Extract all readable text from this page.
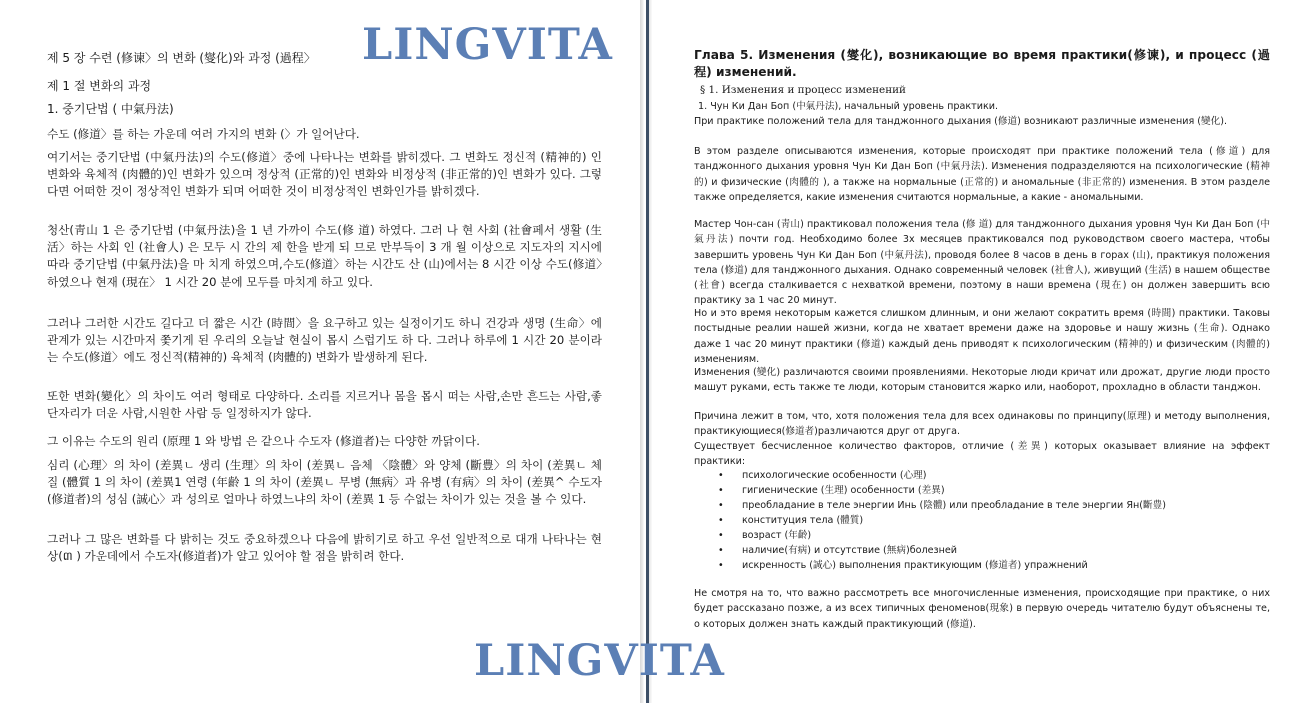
제 5 장 수련 (修谏〉의 변화 (燮化)와 과정 (過程〉
제 1 절 변화의 과정
1. 중기단법 ( 中氣丹法)
수도 (修道〉를 하는 가운데 여러 가지의 변화 (〉가 일어난다.
여기서는 중기단법 (中氣丹法)의 수도(修道〉중에 나타나는 변화를 밝히겠다. 그 변화도 정신적 (精神的) 인 변화와 육체적 (肉體的)인 변화가 있으며 정상적 (正常的)인 변화와 비정상적 (非正常的)인 변화가 있다. 그렇다면 어떠한 것이 정상적인 변화가 되며 어떠한 것이 비정상적인 변화인가를 밝히겠다.
청산(靑山 1 은 중기단법 (中氣丹法)을 1 년 가까이 수도(修 道) 하였다. 그러 나 현 사회 (社會페서 생활 (生活〉하는 사회 인 (社會人) 은 모두 시 간의 제 한을 받게 되 므로 만부득이 3 개 월 이상으로 지도자의 지시에 따라 중기단법 (中氣丹法)을 마 치게 하였으며,수도(修道〉하는 시간도 산 (山)에서는 8 시간 이상 수도(修道〉하였으나 현재 (現在〉 1 시간 20 분에 모두를 마치게 하고 있다.
그러나 그러한 시간도 길다고 더 짧은 시간 (時間〉을 요구하고 있는 실정이기도 하니 건강과 생명 (生命〉에 관계가 있는 시간마저 쫓기게 된 우리의 오늘날 현실이 몹시 스럽기도 하 다. 그러나 하루에 1 시간 20 분이라는 수도(修道〉에도 정신적(精神的) 육체적 (肉體的) 변화가 발생하게 된다.
또한 변화(變化〉의 차이도 여러 형태로 다양하다. 소리를 지르거나 몸을 몹시 떠는 사람,손만 흔드는 사람,좋단자리가 더운 사람,시원한 사람 등 일정하지가 않다.
그 이유는 수도의 원리 (原理 1 와 방법 은 같으나 수도자 (修道者)는 다양한 까닭이다.
심리 (心理〉의 차이 (差異ㄴ 생리 (生理〉의 차이 (差異ㄴ 음체 〈陰體〉와 양체 (斷豊〉의 차이 (差異ㄴ 체질 (體質 1 의 차이 (差異1 연령 (年齡 1 의 차이 (差異ㄴ 무병 (無病〉과 유병 (有病〉의 차이 (差異^ 수도자(修道者)의 성심 (誠心〉과 성의로 얼마나 하였느냐의 차이 (差異 1 등 수없는 차이가 있는 것을 볼 수 있다.
그러나 그 많은 변화를 다 밝히는 것도 중요하겠으나 다음에 밝히기로 하고 우선 일반적으로 대개 나타나는 현상(៣ ) 가운데에서 수도자(修道者)가 알고 있어야 할 점을 밝히려 한다.
Глава 5. Изменения (燮化), возникающие во время практики(修谏), и процесс (過程) изменений.
§ 1. Изменения и процесс изменений
1. Чун Ки Дан Боп (中氣丹法), начальный уровень практики.
При практике положений тела для танджонного дыхания (修道) возникают различные изменения (變化).
В этом разделе описываются изменения, которые происходят при практике положений тела (修道) для танджонного дыхания уровня Чун Ки Дан Боп (中氣丹法). Изменения подразделяются на психологические (精神的) и физические (肉體的 ), а также на нормальные (正常的) и аномальные (非正常的) изменения. В этом разделе также определяется, какие изменения считаются нормальные, а какие - аномальными.
Мастер Чон-сан (靑山) практиковал положения тела (修 道) для танджонного дыхания уровня Чун Ки Дан Боп (中氣丹法) почти год. Необходимо более 3х месяцев практиковался под руководством своего мастера, чтобы завершить уровень Чун Ки Дан Боп (中氣丹法), проводя более 8 часов в день в горах (山), практикуя положения тела (修道) для танджонного дыхания. Однако современный человек (社會人), живущий (生活) в нашем обществе (社會) всегда сталкивается с нехваткой времени, поэтому в наши времена (現在) он должен завершить всю практику за 1 час 20 минут.
Но и это время некоторым кажется слишком длинным, и они желают сократить время (時間) практики. Таковы постыдные реалии нашей жизни, когда не хватает времени даже на здоровье и нашу жизнь (生命). Однако даже 1 час 20 минут практики (修道) каждый день приводят к психологическим (精神的) и физическим (肉體的) изменениям.
Изменения (變化) различаются своими проявлениями. Некоторые люди кричат или дрожат, другие люди просто машут руками, есть также те люди, которым становится жарко или, наоборот, прохладно в области танджон.
Причина лежит в том, что, хотя положения тела для всех одинаковы по принципу(原理) и методу выполнения, практикующиеся(修道者)различаются друг от друга.
Существует бесчисленное количество факторов, отличие (差異) которых оказывает влияние на эффект практики:
• психологические особенности (心理)
• гигиенические (生理) особенности (差異)
• преобладание в теле энергии Инь (陰體) или преобладание в теле энергии Ян(斷豊)
• конституция тела (體質)
• возраст (年齡)
• наличие(有病) и отсутствие (無病)болезней
• искренность (誠心) выполнения практикующим (修道者) упражнений
Не смотря на то, что важно рассмотреть все многочисленные изменения, происходящие при практике, о них будет рассказано позже, а из всех типичных феноменов(現象) в первую очередь читателю будут объяснены те, о которых должен знать каждый практикующий (修道).
LINGVITA
LINGVITA
